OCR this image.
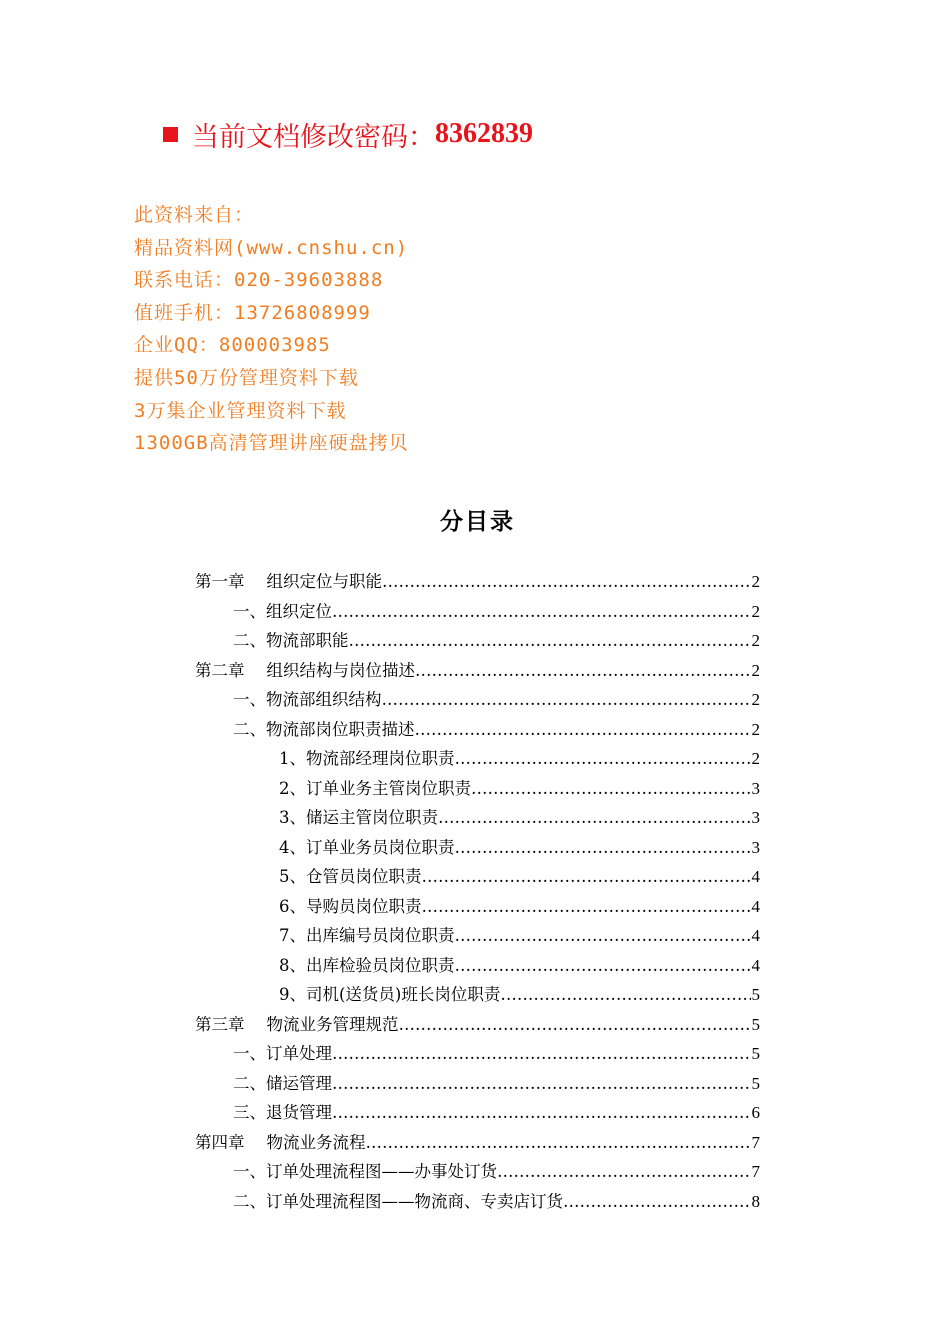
当前文档修改密码： 8362839
此资料来自：
精品资料网(www.cnshu.cn)
联系电话：020-39603888
值班手机：13726808999
企业QQ：800003985
提供50万份管理资料下载
3万集企业管理资料下载
1300GB高清管理讲座硬盘拷贝
分目录
第一章 组织定位与职能 …………………………………………………………………………………………………………………………………………………………	2
一、组织定位 …………………………………………………………………………………………………………………………………………………………	2
二、物流部职能 …………………………………………………………………………………………………………………………………………………………	2
第二章 组织结构与岗位描述 …………………………………………………………………………………………………………………………………………………………	2
一、物流部组织结构 …………………………………………………………………………………………………………………………………………………………	2
二、物流部岗位职责描述 …………………………………………………………………………………………………………………………………………………………	2
1、物流部经理岗位职责 …………………………………………………………………………………………………………………………………………………………	2
2、订单业务主管岗位职责 …………………………………………………………………………………………………………………………………………………………	3
3、储运主管岗位职责 …………………………………………………………………………………………………………………………………………………………	3
4、订单业务员岗位职责 …………………………………………………………………………………………………………………………………………………………	3
5、仓管员岗位职责 …………………………………………………………………………………………………………………………………………………………	4
6、导购员岗位职责 …………………………………………………………………………………………………………………………………………………………	4
7、出库编号员岗位职责 …………………………………………………………………………………………………………………………………………………………	4
8、出库检验员岗位职责 …………………………………………………………………………………………………………………………………………………………	4
9、司机(送货员)班长岗位职责 …………………………………………………………………………………………………………………………………………………………	5
第三章 物流业务管理规范 …………………………………………………………………………………………………………………………………………………………	5
一、订单处理 …………………………………………………………………………………………………………………………………………………………	5
二、储运管理 …………………………………………………………………………………………………………………………………………………………	5
三、退货管理 …………………………………………………………………………………………………………………………………………………………	6
第四章 物流业务流程 …………………………………………………………………………………………………………………………………………………………	7
一、订单处理流程图——办事处订货 …………………………………………………………………………………………………………………………………………………………	7
二、订单处理流程图——物流商、专卖店订货 …………………………………………………………………………………………………………………………………………………………	8
